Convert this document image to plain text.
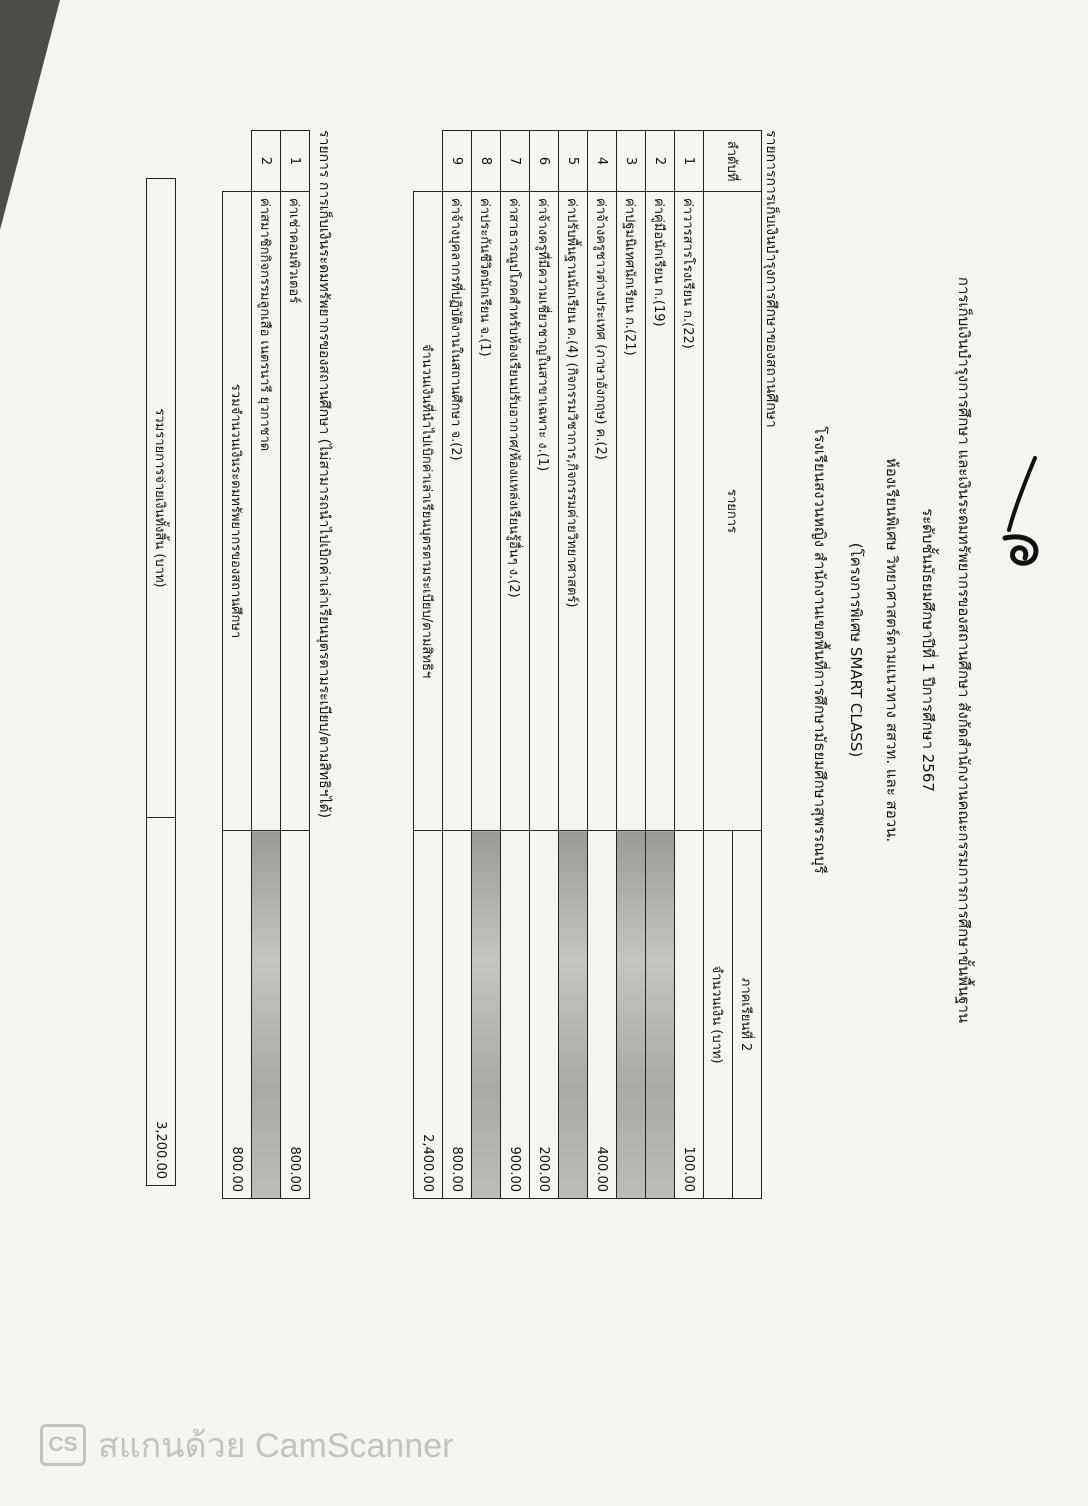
การเก็บเงินบำรุงการศึกษา และเงินระดมทรัพยากรของสถานศึกษา สังกัดสำนักงานคณะกรรมการการศึกษาขั้นพื้นฐาน
ระดับชั้นมัธยมศึกษาปีที่ 1 ปีการศึกษา 2567
ห้องเรียนพิเศษ วิทยาศาสตร์ตามแนวทาง สสวท. และ สอวน.
(โครงการพิเศษ SMART CLASS)
โรงเรียนสงวนหญิง สำนักงานเขตพื้นที่การศึกษามัธยมศึกษาสุพรรณบุรี
รายการการเก็บเงินบำรุงการศึกษาของสถานศึกษา
ลำดับที่	รายการ	ภาคเรียนที่ 2
		จำนวนเงิน (บาท)
1	ค่าวารสารโรงเรียน ก.(22)	100.00
2	ค่าคู่มือนักเรียน ก.(19)	
3	ค่าปฐมนิเทศนักเรียน ก.(21)	
4	ค่าจ้างครูชาวต่างประเทศ (ภาษาอังกฤษ) ค.(2)	400.00
5	ค่าปรับพื้นฐานนักเรียน ค.(4) (กิจกรรมวิชาการ,กิจกรรมค่ายวิทยาศาสตร์)	
6	ค่าจ้างครูที่มีความเชี่ยวชาญในสาขาเฉพาะ ง.(1)	200.00
7	ค่าสาธารณูปโภคสำหรับห้องเรียนปรับอากาศ/ห้องแหล่งเรียนรู้อื่นๆ ง.(2)	900.00
8	ค่าประกันชีวิตนักเรียน จ.(1)	
9	ค่าจ้างบุคลากรที่ปฏิบัติงานในสถานศึกษา จ.(2)	800.00
	จำนวนเงินที่นำไปเบิกค่าเล่าเรียนบุตรตามระเบียบ/ตามสิทธิฯ	2,400.00
รายการ การเก็บเงินระดมทรัพยากรของสถานศึกษา (ไม่สามารถนำไปเบิกค่าเล่าเรียนบุตรตามระเบียบ/ตามสิทธิฯได้)
1	ค่าเช่าคอมพิวเตอร์	800.00
2	ค่าสมาชิกกิจกรรมลูกเสือ เนตรนารี ยุวกาชาด	
	รวมจำนวนเงินระดมทรัพยากรของสถานศึกษา	800.00
รวมรายการจ่ายเงินทั้งสิ้น (บาท)	3,200.00
CS สแกนด้วย CamScanner
